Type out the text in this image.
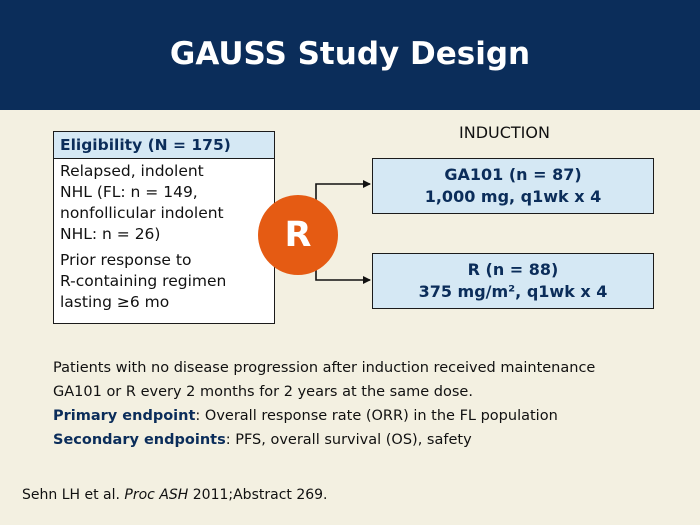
GAUSS Study Design
Eligibility (N = 175)

Relapsed, indolent
NHL (FL: n = 149,
nonfollicular indolent
NHL: n = 26)

Prior response to
R-containing regimen
lasting ≥6 mo

INDUCTION
R
GA101 (n = 87)
1,000 mg, q1wk x 4
R (n = 88)
375 mg/m², q1wk x 4

Patients with no disease progression after induction received maintenance

GA101 or R every 2 months for 2 years at the same dose.

Primary endpoint: Overall response rate (ORR) in the FL population

Secondary endpoints: PFS, overall survival (OS), safety

Sehn LH et al. Proc ASH 2011;Abstract 269.
